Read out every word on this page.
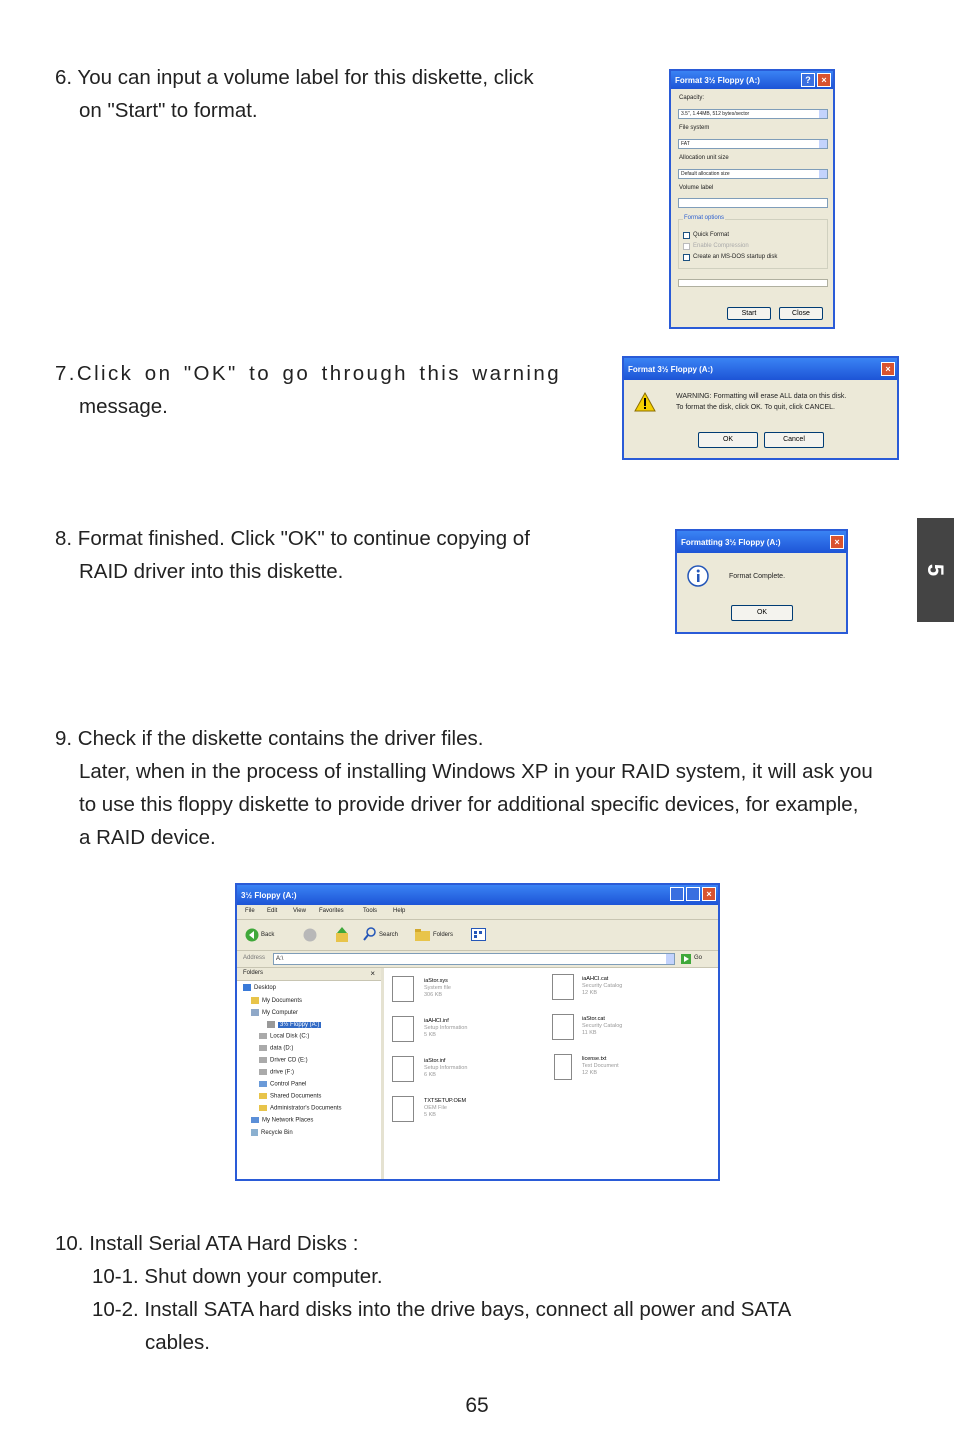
6. You can input a volume label for this diskette, click
on "Start" to format.
7.Click on "OK" to go through this warning
message.
8. Format finished. Click "OK" to continue copying of
RAID driver into this diskette.
9. Check if the diskette contains the driver files.
Later, when in the process of installing Windows XP in your RAID system, it will ask you
to use this floppy diskette to provide driver for additional specific devices, for example,
a RAID device.
10. Install Serial ATA Hard Disks :
10-1. Shut down your computer.
10-2. Install SATA hard disks into the drive bays, connect all power and SATA
cables.
5
65
Format 3½ Floppy (A:)	?	×
Capacity:
3.5", 1.44MB, 512 bytes/sector
File system
FAT
Allocation unit size
Default allocation size
Volume label
Format options
Quick Format
Enable Compression
Create an MS-DOS startup disk
Start	Close
Format 3½ Floppy (A:)	×
WARNING: Formatting will erase ALL data on this disk.
To format the disk, click OK. To quit, click CANCEL.
OK	Cancel
Formatting 3½ Floppy (A:)	×
Format Complete.
OK
3½ Floppy (A:)	×
File Edit	View Favorites	Tools	Help
Back	Search	Folders
Address	A:\	Go
Folders	×
Desktop
My Documents
My Computer
3½ Floppy (A:)
Local Disk (C:)
data (D:)
Driver CD (E:)
drive (F:)
Control Panel
Shared Documents
Administrator's Documents
My Network Places
Recycle Bin
iaStor.sys
System file
306 KB
iaAHCI.cat
Security Catalog
12 KB
iaAHCI.inf
Setup Information
5 KB
iaStor.cat
Security Catalog
11 KB
iaStor.inf
Setup Information
6 KB
license.txt
Text Document
12 KB
TXTSETUP.OEM
OEM File
5 KB
